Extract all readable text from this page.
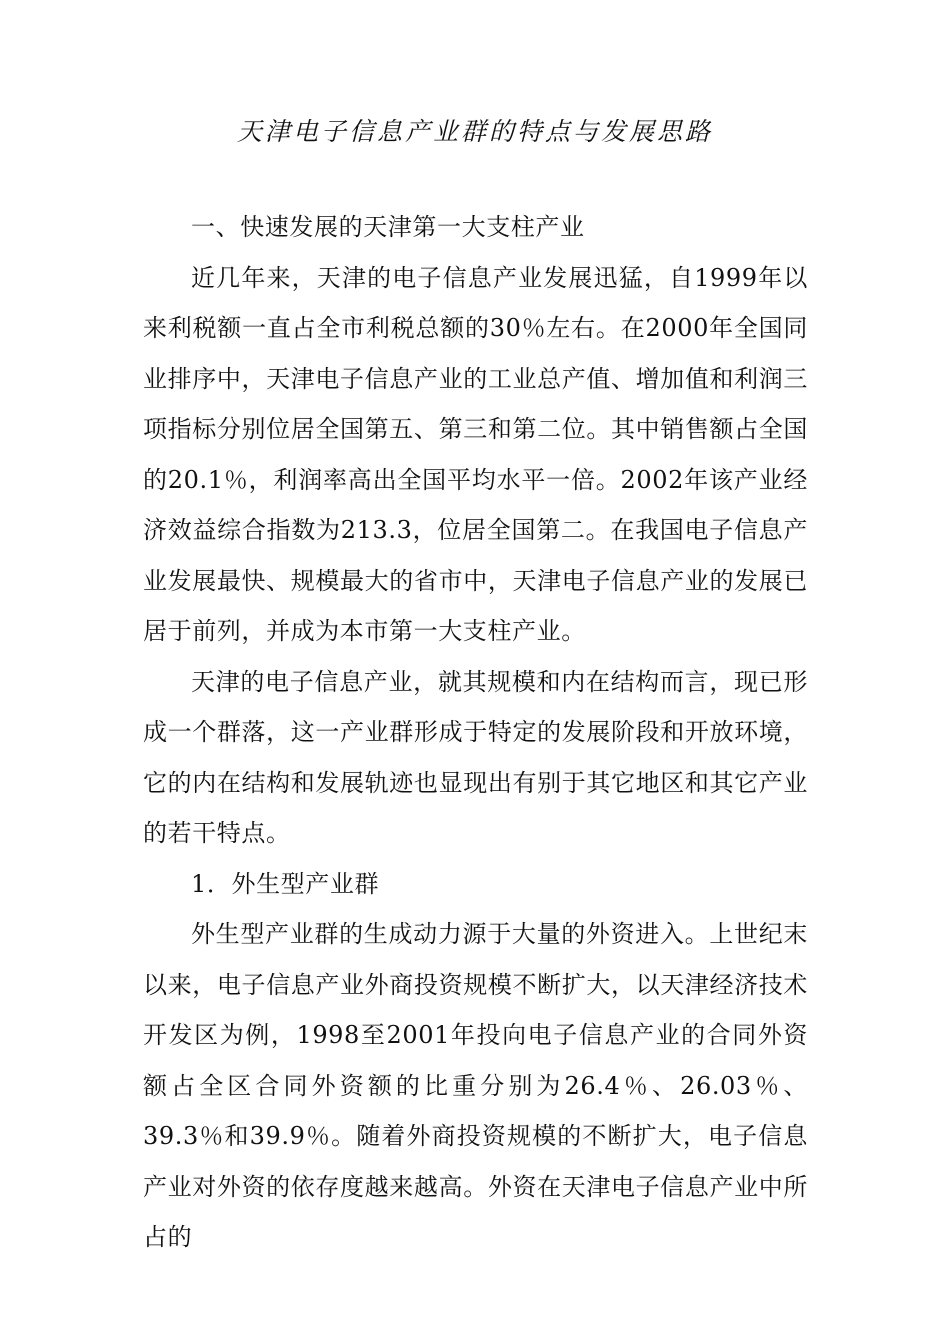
天津电子信息产业群的特点与发展思路

一、快速发展的天津第一大支柱产业

近几年来，天津的电子信息产业发展迅猛，自1999年以来利税额一直占全市利税总额的30％左右。在2000年全国同业排序中，天津电子信息产业的工业总产值、增加值和利润三项指标分别位居全国第五、第三和第二位。其中销售额占全国的20.1％，利润率高出全国平均水平一倍。2002年该产业经济效益综合指数为213.3，位居全国第二。在我国电子信息产业发展最快、规模最大的省市中，天津电子信息产业的发展已居于前列，并成为本市第一大支柱产业。

天津的电子信息产业，就其规模和内在结构而言，现已形成一个群落，这一产业群形成于特定的发展阶段和开放环境，它的内在结构和发展轨迹也显现出有别于其它地区和其它产业的若干特点。

1．外生型产业群

外生型产业群的生成动力源于大量的外资进入。上世纪末以来，电子信息产业外商投资规模不断扩大，以天津经济技术开发区为例，1998至2001年投向电子信息产业的合同外资额占全区合同外资额的比重分别为26.4％、26.03％、39.3％和39.9％。随着外商投资规模的不断扩大，电子信息产业对外资的依存度越来越高。外资在天津电子信息产业中所占的
